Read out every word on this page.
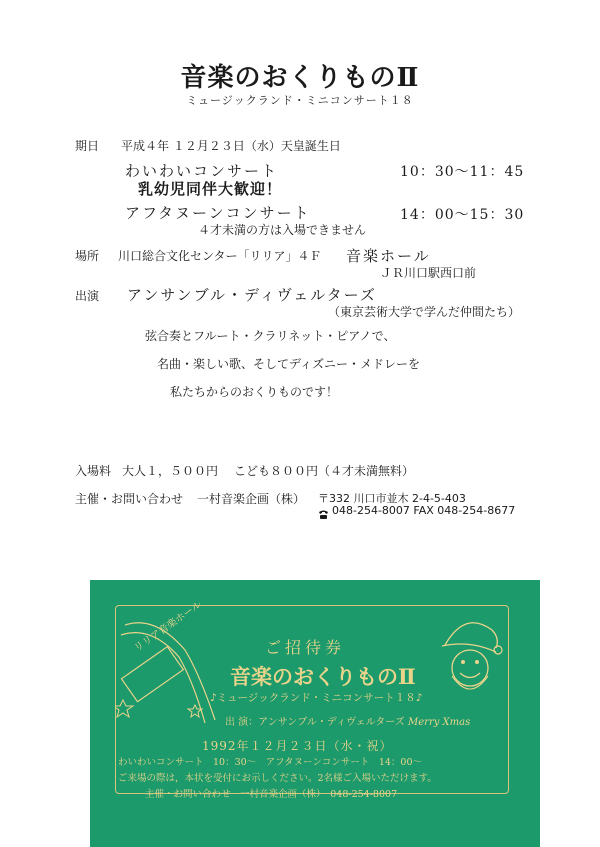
音楽のおくりものⅡ
ミュージックランド・ミニコンサート１８
期日 平成４年 １２月２３日（水）天皇誕生日
わいわいコンサート	10：30～11：45
乳幼児同伴大歓迎！
アフタヌーンコンサート	14：00～15：30
４才未満の方は入場できません
場所 川口総合文化センター「リリア」４Ｆ 音楽ホール
ＪＲ川口駅西口前
出演 アンサンブル・ディヴェルターズ
（東京芸術大学で学んだ仲間たち）
弦合奏とフルート・クラリネット・ピアノで、
名曲・楽しい歌、そしてディズニー・メドレーを
私たちからのおくりものです！
入場料 大人１，５００円 こども８００円（４才未満無料）
主催・お問い合わせ 一村音楽企画（株） 〒332 川口市並木 2-4-5-403
048-254-8007 FAX 048-254-8677
リリア音楽ホール	ご招待券
音楽のおくりものⅡ
♪ミュージックランド・ミニコンサート１８♪
出 演：アンサンブル・ディヴェルターズ Merry Xmas
1992年１２月２３日（水・祝）
わいわいコンサート　10：30～　アフタヌーンコンサート　14：00～
ご来場の際は，本状を受付にお示しください。2名様ご入場いただけます。
主催・お問い合わせ　一村音楽企画（株）　048-254-8007
